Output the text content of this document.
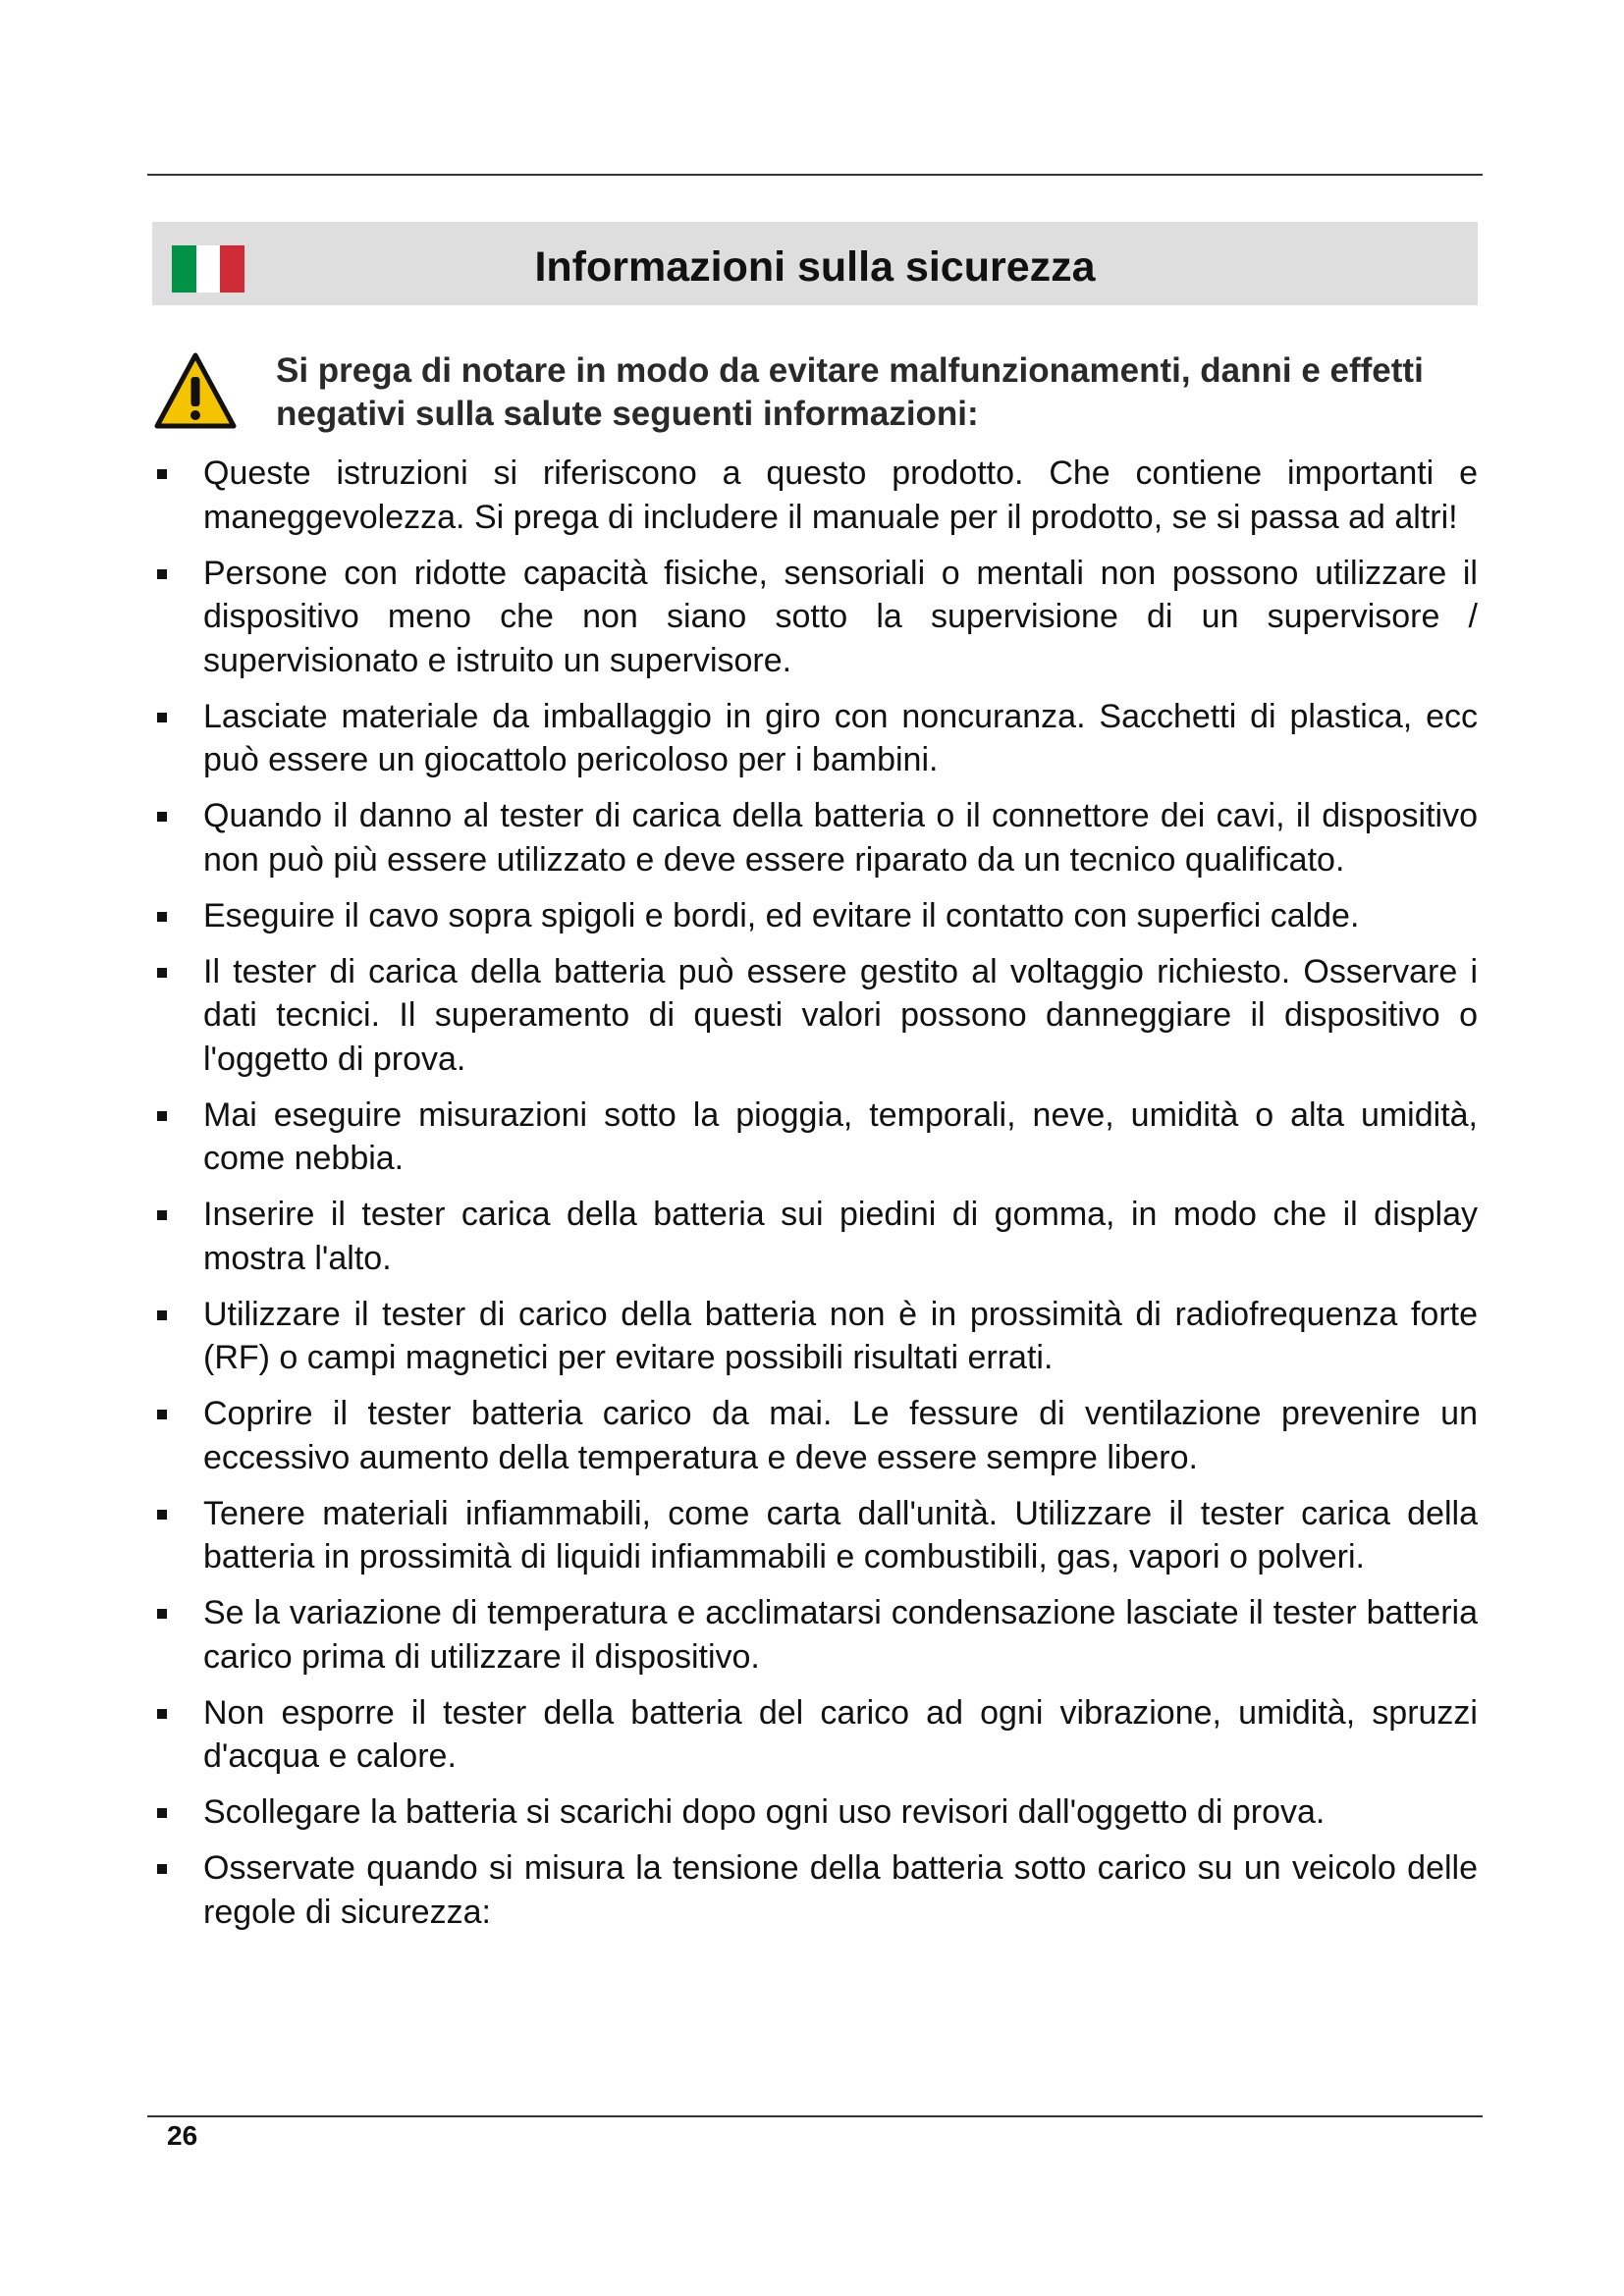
Informazioni sulla sicurezza
Si prega di notare in modo da evitare malfunzionamenti, danni e effetti negativi sulla salute seguenti informazioni:
Queste istruzioni si riferiscono a questo prodotto. Che contiene importanti e maneggevolezza. Si prega di includere il manuale per il prodotto, se si passa ad altri!
Persone con ridotte capacità fisiche, sensoriali o mentali non possono utilizzare il dispositivo meno che non siano sotto la supervisione di un supervisore / supervisionato e istruito un supervisore.
Lasciate materiale da imballaggio in giro con noncuranza. Sacchetti di plastica, ecc può essere un giocattolo pericoloso per i bambini.
Quando il danno al tester di carica della batteria o il connettore dei cavi, il dispositivo non può più essere utilizzato e deve essere riparato da un tecnico qualificato.
Eseguire il cavo sopra spigoli e bordi, ed evitare il contatto con superfici calde.
Il tester di carica della batteria può essere gestito al voltaggio richiesto. Osservare i dati tecnici. Il superamento di questi valori possono danneggiare il dispositivo o l'oggetto di prova.
Mai eseguire misurazioni sotto la pioggia, temporali, neve, umidità o alta umidità, come nebbia.
Inserire il tester carica della batteria sui piedini di gomma, in modo che il display mostra l'alto.
Utilizzare il tester di carico della batteria non è in prossimità di radiofrequenza forte (RF) o campi magnetici per evitare possibili risultati errati.
Coprire il tester batteria carico da mai. Le fessure di ventilazione prevenire un eccessivo aumento della temperatura e deve essere sempre libero.
Tenere materiali infiammabili, come carta dall'unità. Utilizzare il tester carica della batteria in prossimità di liquidi infiammabili e combustibili, gas, vapori o polveri.
Se la variazione di temperatura e acclimatarsi condensazione lasciate il tester batteria carico prima di utilizzare il dispositivo.
Non esporre il tester della batteria del carico ad ogni vibrazione, umidità, spruzzi d'acqua e calore.
Scollegare la batteria si scarichi dopo ogni uso revisori dall'oggetto di prova.
Osservate quando si misura la tensione della batteria sotto carico su un veicolo delle regole di sicurezza:
26
